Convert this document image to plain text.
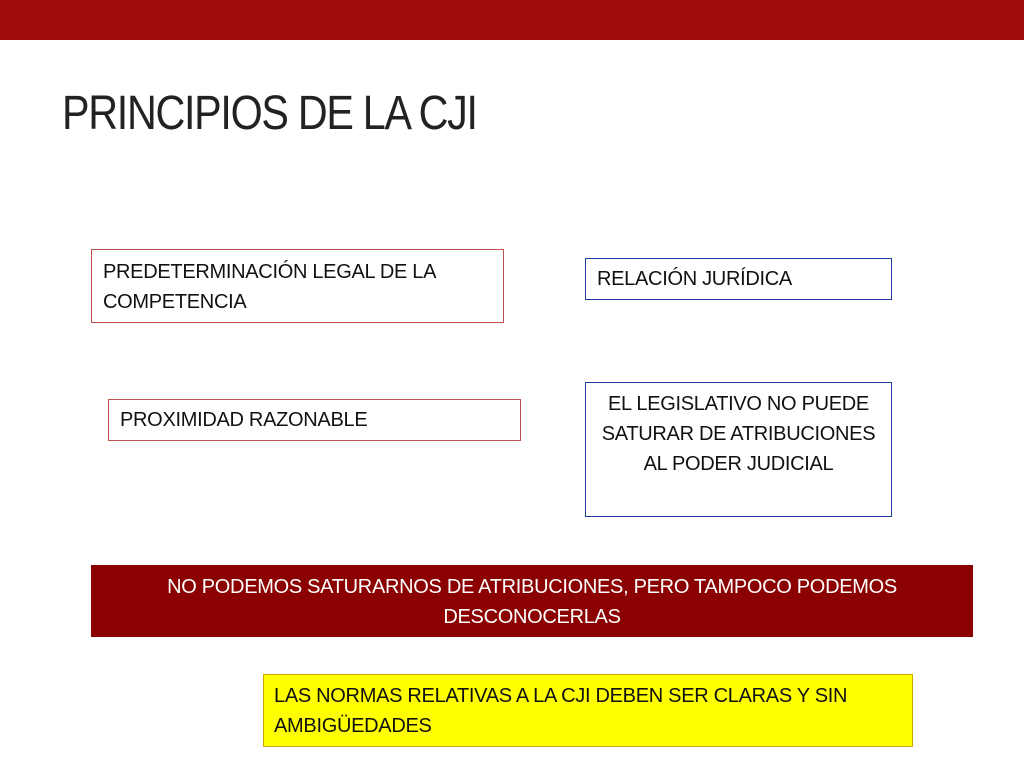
PRINCIPIOS DE LA CJI
PREDETERMINACIÓN LEGAL DE LA COMPETENCIA
RELACIÓN JURÍDICA
PROXIMIDAD RAZONABLE
EL LEGISLATIVO NO PUEDE SATURAR DE ATRIBUCIONES AL PODER JUDICIAL
NO PODEMOS SATURARNOS DE ATRIBUCIONES, PERO TAMPOCO PODEMOS DESCONOCERLAS
LAS NORMAS RELATIVAS A LA CJI DEBEN SER CLARAS Y SIN AMBIGÜEDADES
